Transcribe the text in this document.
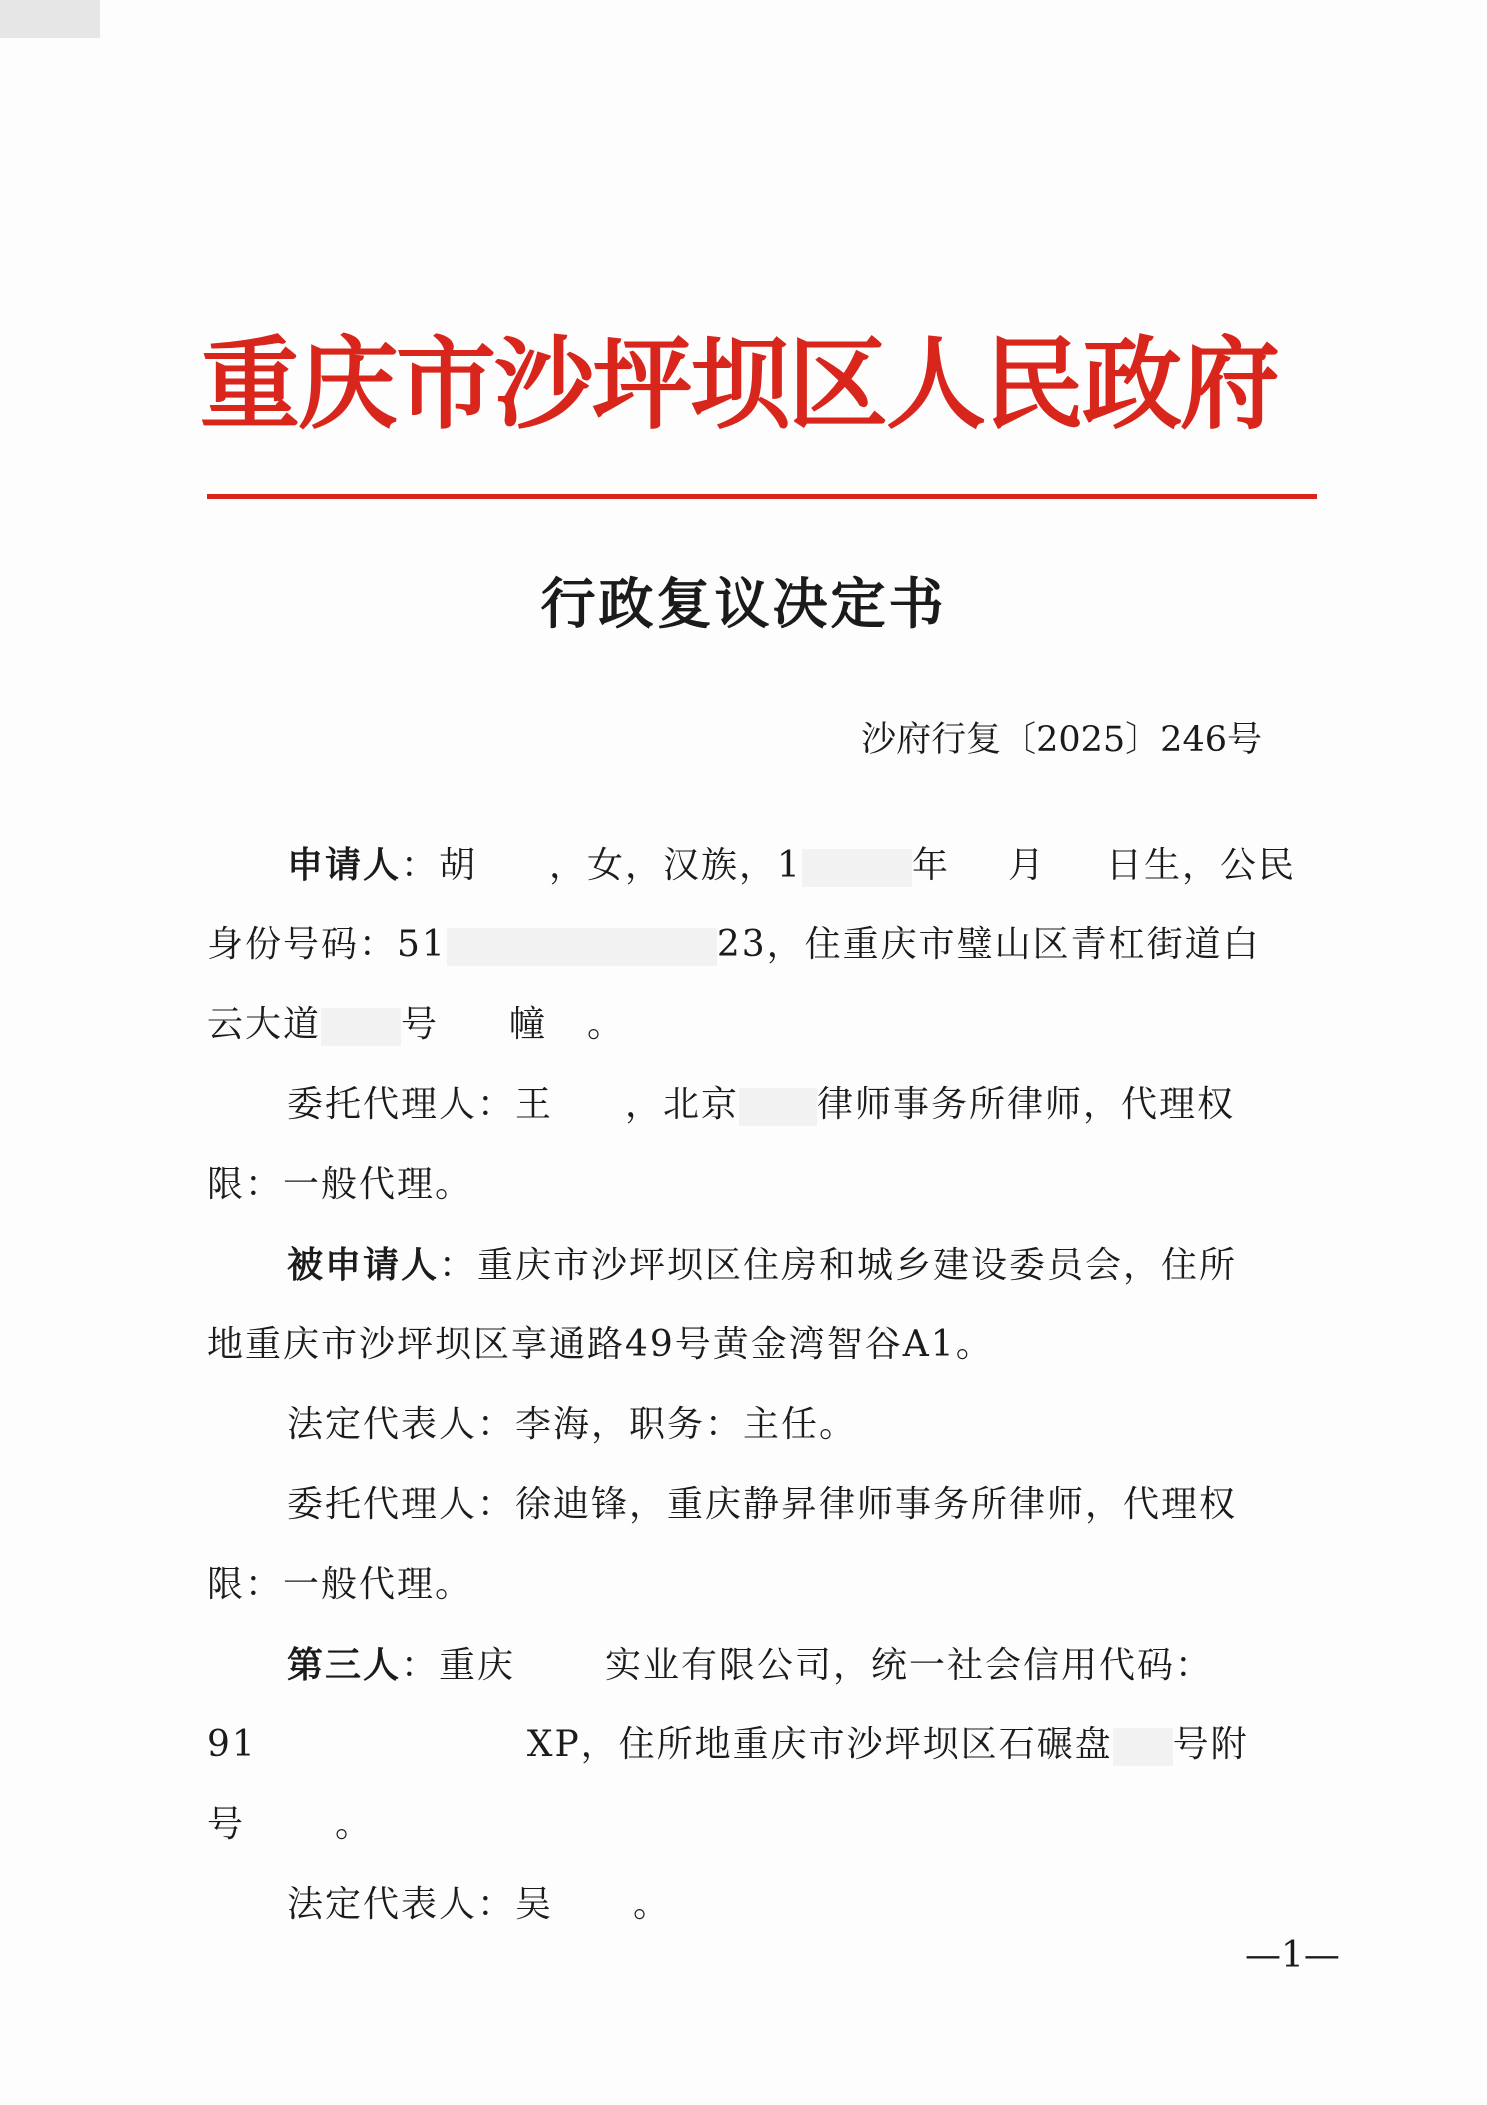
重庆市沙坪坝区人民政府
行政复议决定书
沙府行复〔2025〕246号
申请人：胡 ，女，汉族，1	年 月 日生，公民
身份号码：51	23，住重庆市璧山区青杠街道白
云大道 号 幢 。
委托代理人：王 ，北京 律师事务所律师，代理权
限：一般代理。
被申请人：重庆市沙坪坝区住房和城乡建设委员会，住所
地重庆市沙坪坝区享通路49号黄金湾智谷A1。
法定代表人：李海，职务：主任。
委托代理人：徐迪锋，重庆静昇律师事务所律师，代理权
限：一般代理。
第三人：重庆	实业有限公司，统一社会信用代码：
91	XP，住所地重庆市沙坪坝区石碾盘 号附
号	。
法定代表人：吴 。
—1—
